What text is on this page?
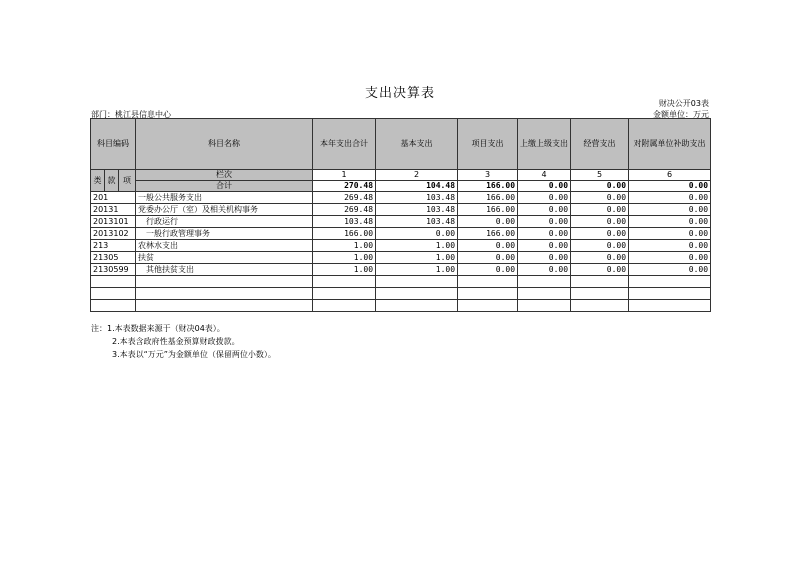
支出决算表
财决公开03表
部门：桃江县信息中心	金额单位：万元
科目编码			科目名称	本年支出合计	基本支出	项目支出	上缴上级支出	经营支出	对附属单位补助支出

类	款	项	栏次	1	2	3	4	5	6
			合计	270.48	104.48	166.00	0.00	0.00	0.00
201			一般公共服务支出	269.48	103.48	166.00	0.00	0.00	0.00
20131			党委办公厅（室）及相关机构事务	269.48	103.48	166.00	0.00	0.00	0.00
2013101			行政运行	103.48	103.48	0.00	0.00	0.00	0.00
2013102			一般行政管理事务	166.00	0.00	166.00	0.00	0.00	0.00
213			农林水支出	1.00	1.00	0.00	0.00	0.00	0.00
21305			扶贫	1.00	1.00	0.00	0.00	0.00	0.00
2130599			其他扶贫支出	1.00	1.00	0.00	0.00	0.00	0.00

注：1.本表数据来源于（财决04表）。
2.本表含政府性基金预算财政拨款。
3.本表以“万元”为金额单位（保留两位小数）。
